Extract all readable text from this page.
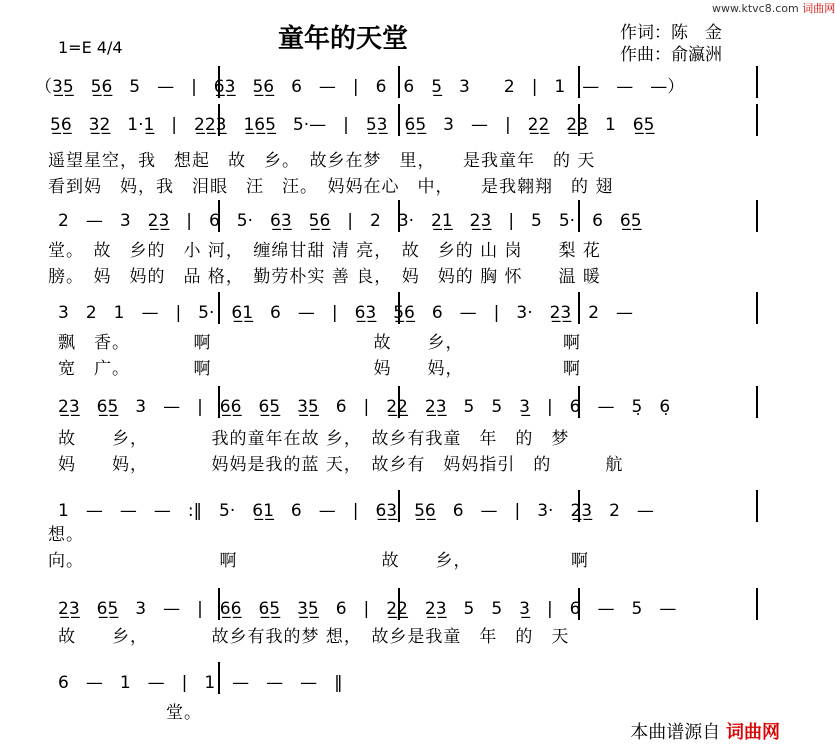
www.ktvc8.com 词曲网
童年的天堂
1=E 4/4
作词：陈　金
作曲：俞瀛洲
（3̲5̲　5̲6̲　5　—　|　6̲3̲　5̲6̲　6　—　|　6　6　5̲　3　　2　|　1　—　—　—）
5̲6̲　3̲2̲　1·1̲　|　2̲2̲3̲　1̲6̲5̲　5·—　|　5̲3̲　6̲5̲　3　—　|　2̲2̲　2̲3̲　1　6̲5̲
遥望星空，我　想起　故　乡。　故乡在梦　里，　　是我童年　的 天
看到妈　妈，我　泪眼　汪　汪。　妈妈在心　中，　　是我翱翔　的 翅
2　—　3　2̲3̲　|　6　5·　6̲3̲　5̲6̲　|　2　3·　2̲1̲　2̲3̲　|　5　5·　6　6̲5̲
堂。　故　乡的　小 河，　缠绵甘甜 清 亮，　故　乡的 山 岗　　梨 花
膀。　妈　妈的　品 格，　勤劳朴实 善 良，　妈　妈的 胸 怀　　温 暖
3　2　1　—　|　5·　6̲1̲　6　—　|　6̲3̲　5̲6̲　6　—　|　3·　2̲3̲　2　—
飘　香。　　　　啊　　　　　　　　　故　　乡，　　　　　　啊
宽　广。　　　　啊　　　　　　　　　妈　　妈，　　　　　　啊
2̲3̲　6̲5̲　3　—　|　6̲6̲　6̲5̲　3̲5̲　6　|　2̲2̲　2̲3̲　5　5　3̲　|　6　—　5̣　6̣
故　　乡，　　　　我的童年在故 乡，　故乡有我童　年　的　梦
妈　　妈，　　　　妈妈是我的蓝 天，　故乡有　妈妈指引　的　　　航
1　—　—　—　:‖　5·　6̲1̲　6　—　|　6̲3̲　5̲6̲　6　—　|　3·　2̲3̲　2　—
想。
向。　　　　　　　　啊　　　　　　　　故　　乡，　　　　　　啊
2̲3̲　6̲5̲　3　—　|　6̲6̲　6̲5̲　3̲5̲　6　|　2̲2̲　2̲3̲　5　5　3̲　|　6　—　5　—
故　　乡，　　　　故乡有我的梦 想，　故乡是我童　年　的　天
6　—　1　—　|　1　—　—　—　‖
　　　　　　堂。
本曲谱源自 词曲网
